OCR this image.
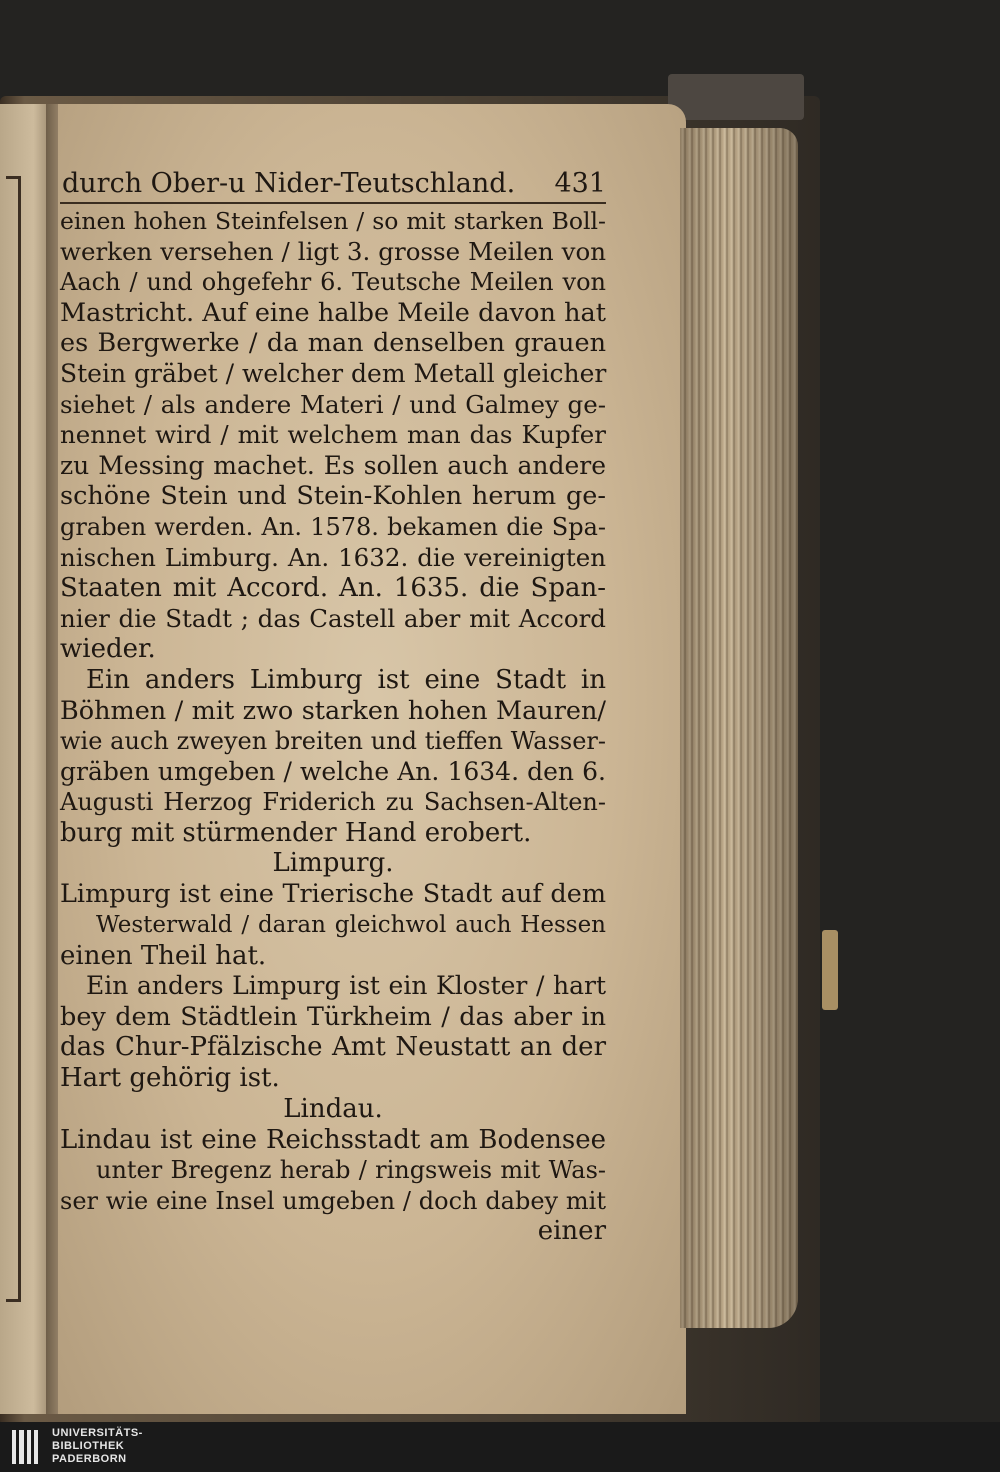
durch Ober-u Nider-Teutschland. 431
einen hohen Steinfelsen / so mit starken Boll-
werken versehen / ligt 3. grosse Meilen von
Aach / und ohgefehr 6. Teutsche Meilen von
Mastricht. Auf eine halbe Meile davon hat
es Bergwerke / da man denselben grauen
Stein gräbet / welcher dem Metall gleicher
siehet / als andere Materi / und Galmey ge-
nennet wird / mit welchem man das Kupfer
zu Messing machet. Es sollen auch andere
schöne Stein und Stein-Kohlen herum ge-
graben werden. An. 1578. bekamen die Spa-
nischen Limburg. An. 1632. die vereinigten
Staaten mit Accord. An. 1635. die Span-
nier die Stadt ; das Castell aber mit Accord
wieder.
Ein anders Limburg ist eine Stadt in
Böhmen / mit zwo starken hohen Mauren/
wie auch zweyen breiten und tieffen Wasser-
gräben umgeben / welche An. 1634. den 6.
Augusti Herzog Friderich zu Sachsen-Alten-
burg mit stürmender Hand erobert.
Limpurg.
Limpurg ist eine Trierische Stadt auf dem
Westerwald / daran gleichwol auch Hessen
einen Theil hat.
Ein anders Limpurg ist ein Kloster / hart
bey dem Städtlein Türkheim / das aber in
das Chur-Pfälzische Amt Neustatt an der
Hart gehörig ist.
Lindau.
Lindau ist eine Reichsstadt am Bodensee
unter Bregenz herab / ringsweis mit Was-
ser wie eine Insel umgeben / doch dabey mit
einer
UNIVERSITÄTS-
BIBLIOTHEK
PADERBORN
